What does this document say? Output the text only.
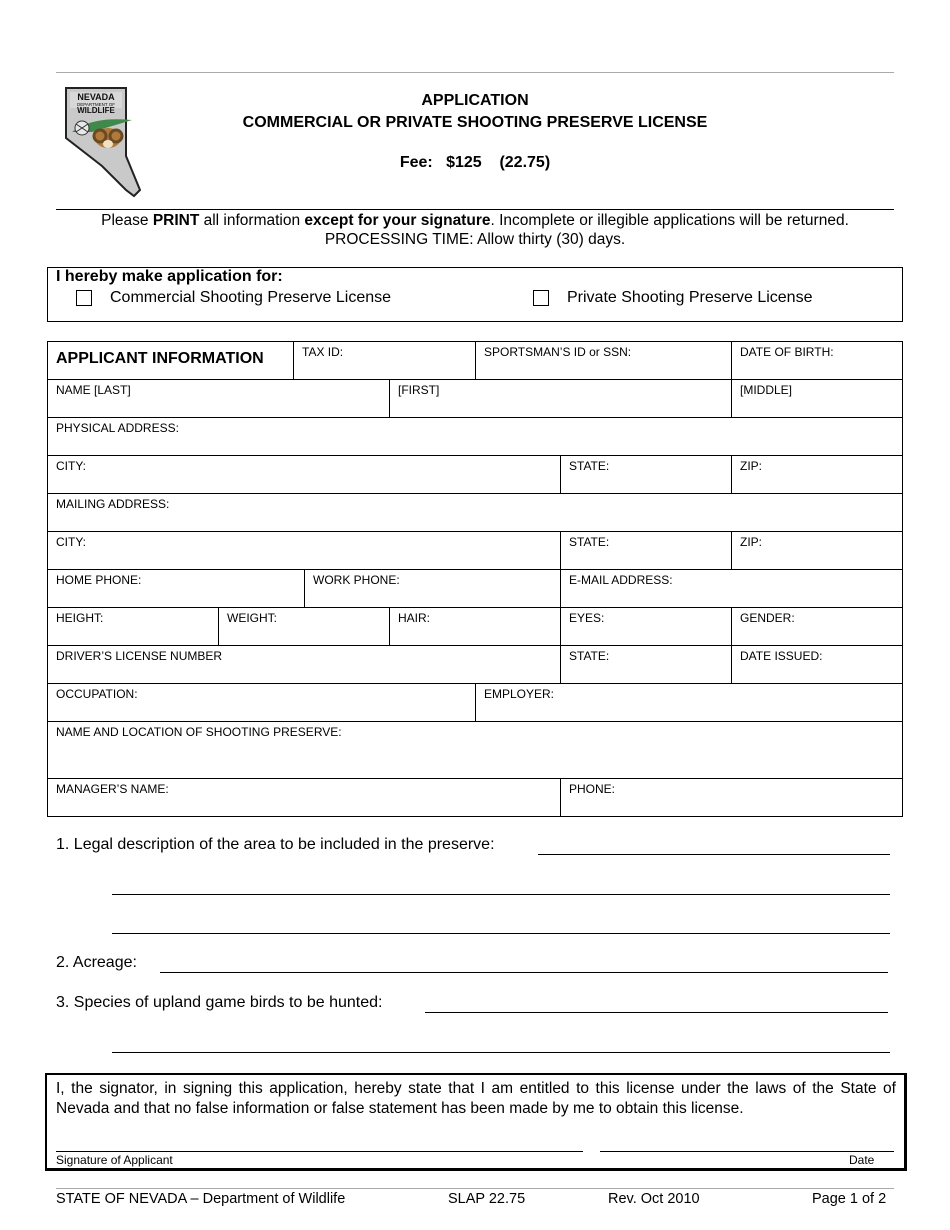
NEVADA
DEPARTMENT OF
WILDLIFE
APPLICATION
COMMERCIAL OR PRIVATE SHOOTING PRESERVE LICENSE
Fee:   $125    (22.75)
Please PRINT all information except for your signature. Incomplete or illegible applications will be returned.
PROCESSING TIME: Allow thirty (30) days.
I hereby make application for:
Commercial Shooting Preserve License	Private Shooting Preserve License
APPLICANT INFORMATION	TAX ID:	SPORTSMAN’S ID or SSN:	DATE OF BIRTH:
NAME [LAST]	[FIRST]	[MIDDLE]
PHYSICAL ADDRESS:
CITY:	STATE:	ZIP:
MAILING ADDRESS:
CITY:	STATE:	ZIP:
HOME PHONE:	WORK PHONE:	E-MAIL ADDRESS:
HEIGHT:	WEIGHT:	HAIR:	EYES:	GENDER:
DRIVER’S LICENSE NUMBER	STATE:	DATE ISSUED:
OCCUPATION:	EMPLOYER:
NAME AND LOCATION OF SHOOTING PRESERVE:
MANAGER’S NAME:	PHONE:
1. Legal description of the area to be included in the preserve:
2. Acreage:
3. Species of upland game birds to be hunted:
I, the signator, in signing this application, hereby state that I am entitled to this license under the laws of the State of Nevada and that no false information or false statement has been made by me to obtain this license.
Signature of Applicant	Date
STATE OF NEVADA – Department of Wildlife	SLAP 22.75	Rev. Oct 2010	Page 1 of 2
